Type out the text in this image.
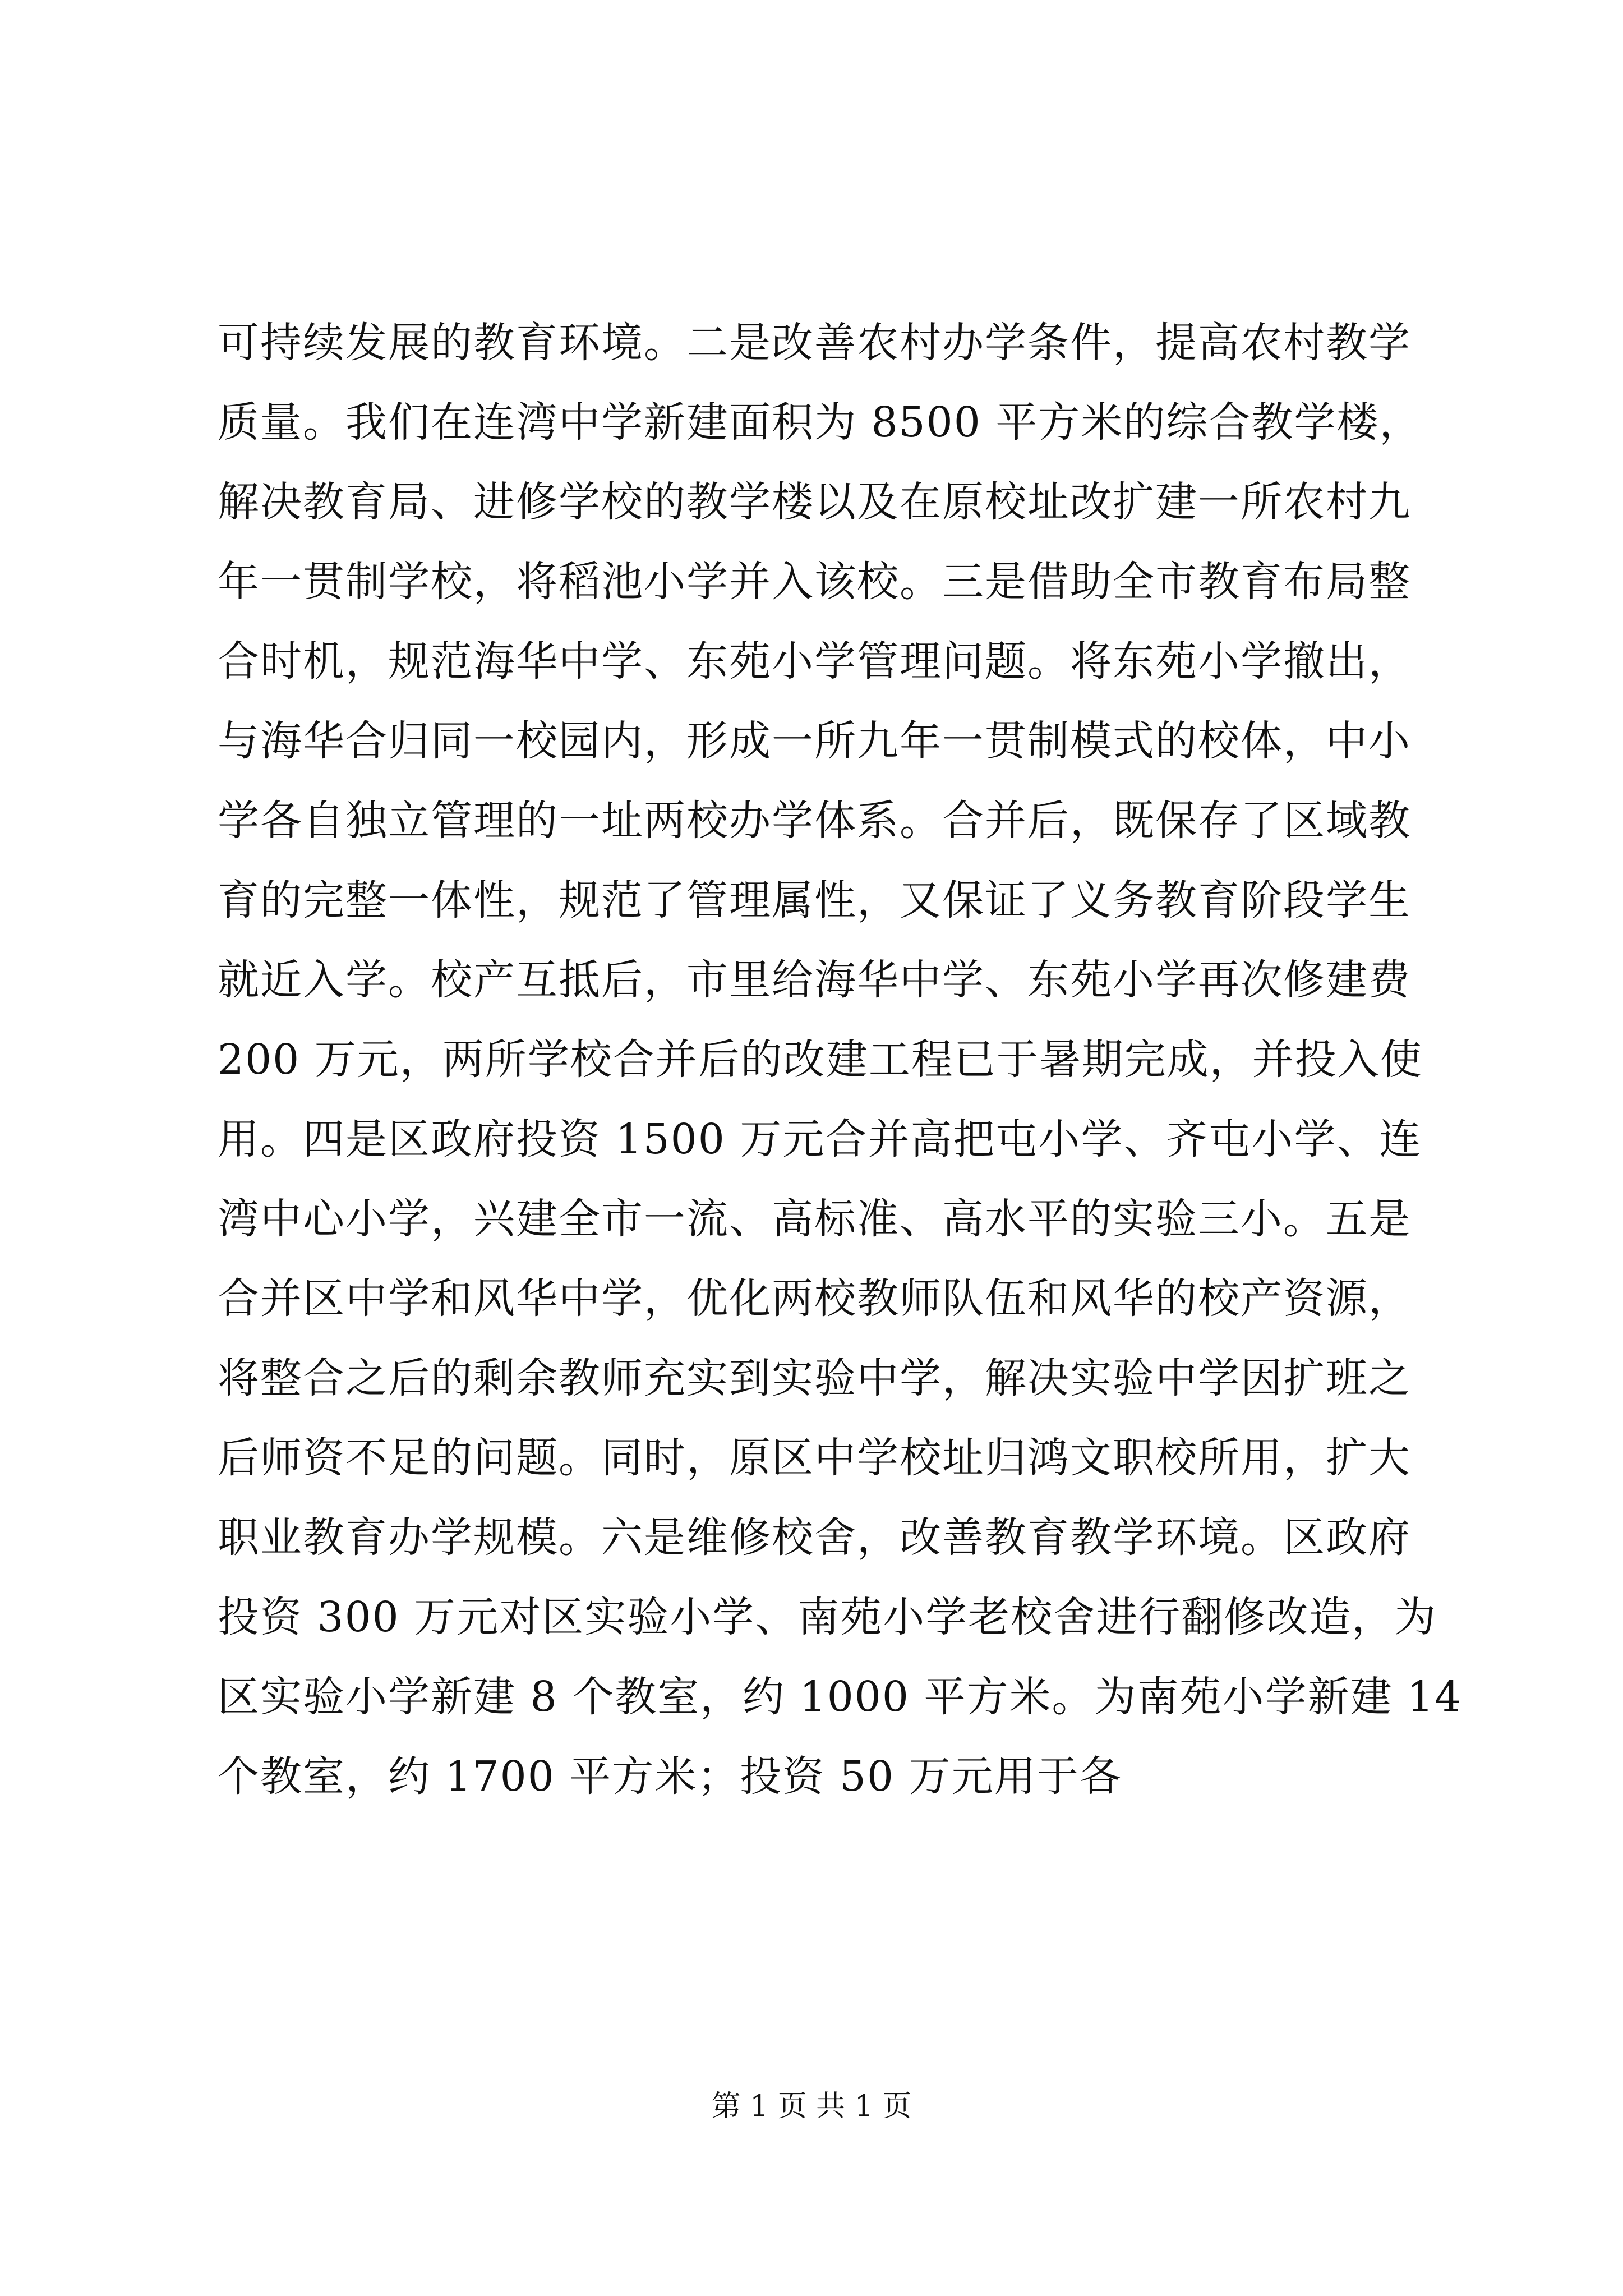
可持续发展的教育环境。二是改善农村办学条件，提高农村教学
质量。我们在连湾中学新建面积为 8500 平方米的综合教学楼，
解决教育局、进修学校的教学楼以及在原校址改扩建一所农村九
年一贯制学校，将稻池小学并入该校。三是借助全市教育布局整
合时机，规范海华中学、东苑小学管理问题。将东苑小学撤出，
与海华合归同一校园内，形成一所九年一贯制模式的校体，中小
学各自独立管理的一址两校办学体系。合并后，既保存了区域教
育的完整一体性，规范了管理属性，又保证了义务教育阶段学生
就近入学。校产互抵后，市里给海华中学、东苑小学再次修建费
200 万元，两所学校合并后的改建工程已于暑期完成，并投入使
用。四是区政府投资 1500 万元合并高把屯小学、齐屯小学、连
湾中心小学，兴建全市一流、高标准、高水平的实验三小。五是
合并区中学和风华中学，优化两校教师队伍和风华的校产资源，
将整合之后的剩余教师充实到实验中学，解决实验中学因扩班之
后师资不足的问题。同时，原区中学校址归鸿文职校所用，扩大
职业教育办学规模。六是维修校舍，改善教育教学环境。区政府
投资 300 万元对区实验小学、南苑小学老校舍进行翻修改造，为
区实验小学新建 8 个教室，约 1000 平方米。为南苑小学新建 14
个教室，约 1700 平方米；投资 50 万元用于各
第 1 页 共 1 页
